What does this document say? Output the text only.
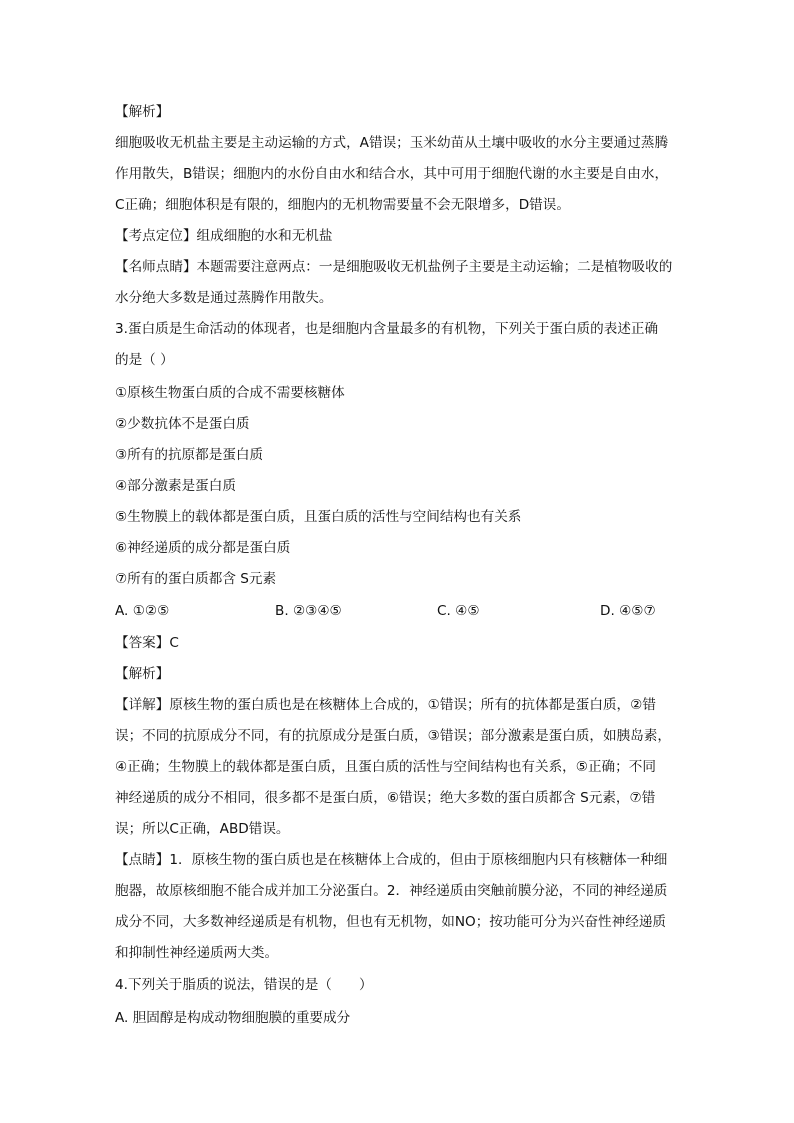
【解析】
细胞吸收无机盐主要是主动运输的方式，A错误；玉米幼苗从土壤中吸收的水分主要通过蒸腾
作用散失，B错误；细胞内的水份自由水和结合水，其中可用于细胞代谢的水主要是自由水，
C正确；细胞体积是有限的，细胞内的无机物需要量不会无限增多，D错误。
【考点定位】组成细胞的水和无机盐
【名师点睛】本题需要注意两点：一是细胞吸收无机盐例子主要是主动运输；二是植物吸收的
水分绝大多数是通过蒸腾作用散失。
3.蛋白质是生命活动的体现者，也是细胞内含量最多的有机物，下列关于蛋白质的表述正确
的是（ ）
①原核生物蛋白质的合成不需要核糖体
②少数抗体不是蛋白质
③所有的抗原都是蛋白质
④部分激素是蛋白质
⑤生物膜上的载体都是蛋白质，且蛋白质的活性与空间结构也有关系
⑥神经递质的成分都是蛋白质
⑦所有的蛋白质都含 S元素
A. ①②⑤	B. ②③④⑤	C. ④⑤	D. ④⑤⑦
【答案】C
【解析】
【详解】原核生物的蛋白质也是在核糖体上合成的，①错误；所有的抗体都是蛋白质，②错
误；不同的抗原成分不同，有的抗原成分是蛋白质，③错误；部分激素是蛋白质，如胰岛素，
④正确；生物膜上的载体都是蛋白质，且蛋白质的活性与空间结构也有关系，⑤正确；不同
神经递质的成分不相同，很多都不是蛋白质，⑥错误；绝大多数的蛋白质都含 S元素，⑦错
误；所以C正确，ABD错误。
【点睛】1．原核生物的蛋白质也是在核糖体上合成的，但由于原核细胞内只有核糖体一种细
胞器，故原核细胞不能合成并加工分泌蛋白。2．神经递质由突触前膜分泌，不同的神经递质
成分不同，大多数神经递质是有机物，但也有无机物，如NO；按功能可分为兴奋性神经递质
和抑制性神经递质两大类。
4.下列关于脂质的说法，错误的是（　　）
A. 胆固醇是构成动物细胞膜的重要成分
